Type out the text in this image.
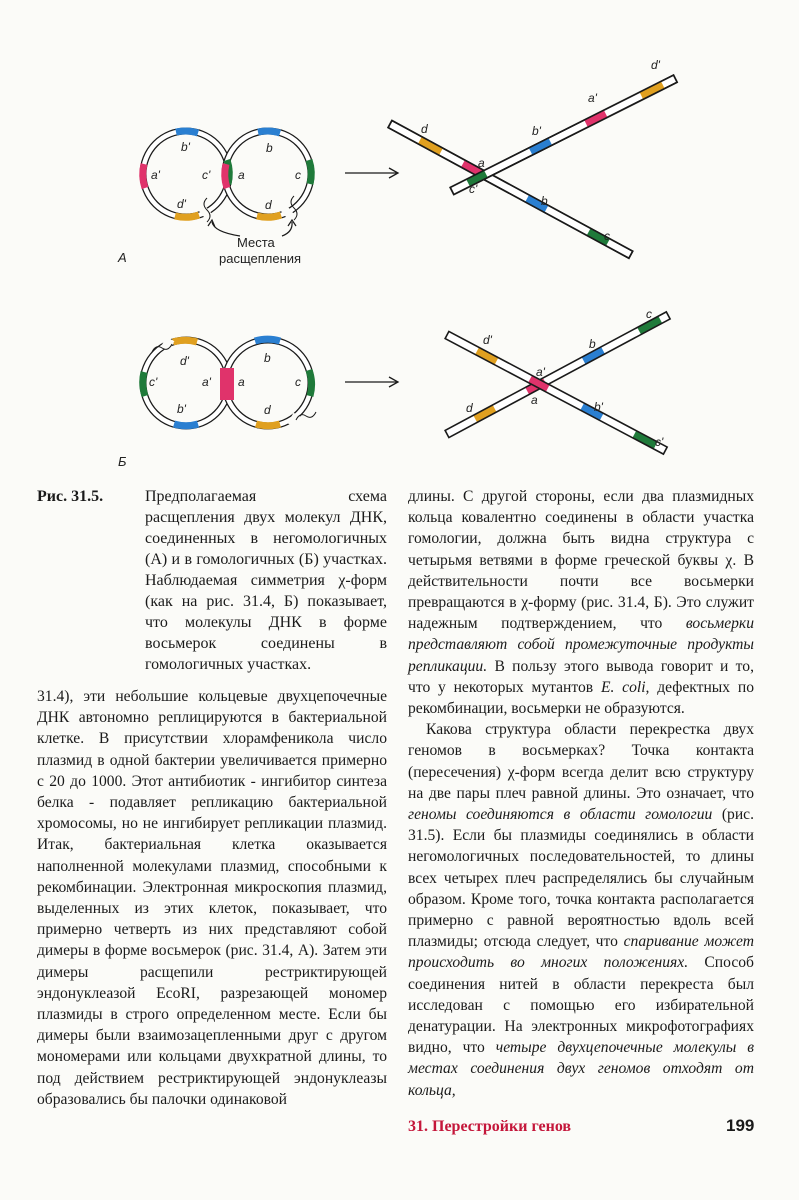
b'
a'	c'
d'
b
a	c
d
Места
расщепления
А
d
a
c'
b
c
b'
a'
d'
d'
c'	a'
b'
b
a	c
d
Б
d'
a'
a
b
c
d	b'
c'
Рис. 31.5.	Предполагаемая схема расщепления двух молекул ДНК, соединенных в негомологичных (А) и в гомологичных (Б) участках. Наблюдаемая симметрия χ-форм (как на рис. 31.4, Б) показывает, что молекулы ДНК в форме восьмерок соединены в гомологичных участках.

31.4), эти небольшие кольцевые двухцепочечные ДНК автономно реплицируются в бактериальной клетке. В присутствии хлорамфеникола число плазмид в одной бактерии увеличивается примерно с 20 до 1000. Этот антибиотик - ингибитор синтеза белка - подавляет репликацию бактериальной хромосомы, но не ингибирует репликации плазмид. Итак, бактериальная клетка оказывается наполненной молекулами плазмид, способными к рекомбинации. Электронная микроскопия плазмид, выделенных из этих клеток, показывает, что примерно четверть из них представляют собой димеры в форме восьмерок (рис. 31.4, А). Затем эти димеры расщепили рестриктирующей эндонуклеазой EcoRI, разрезающей мономер плазмиды в строго определенном месте. Если бы димеры были взаимозацепленными друг с другом мономерами или кольцами двухкратной длины, то под действием рестриктирующей эндонуклеазы образовались бы палочки одинаковой

длины. С другой стороны, если два плазмидных кольца ковалентно соединены в области участка гомологии, должна быть видна структура с четырьмя ветвями в форме греческой буквы χ. В действительности почти все восьмерки превращаются в χ-форму (рис. 31.4, Б). Это служит надежным подтверждением, что восьмерки представляют собой промежуточные продукты репликации. В пользу этого вывода говорит и то, что у некоторых мутантов E. coli, дефектных по рекомбинации, восьмерки не образуются.

Какова структура области перекрестка двух геномов в восьмерках? Точка контакта (пересечения) χ-форм всегда делит всю структуру на две пары плеч равной длины. Это означает, что геномы соединяются в области гомологии (рис. 31.5). Если бы плазмиды соединялись в области негомологичных последовательностей, то длины всех четырех плеч распределялись бы случайным образом. Кроме того, точка контакта располагается примерно с равной вероятностью вдоль всей плазмиды; отсюда следует, что спаривание может происходить во многих положениях. Способ соединения нитей в области перекреста был исследован с помощью его избирательной денатурации. На электронных микрофотографиях видно, что четыре двухцепочечные молекулы в местах соединения двух геномов отходят от кольца,

31. Перестройки генов	199
